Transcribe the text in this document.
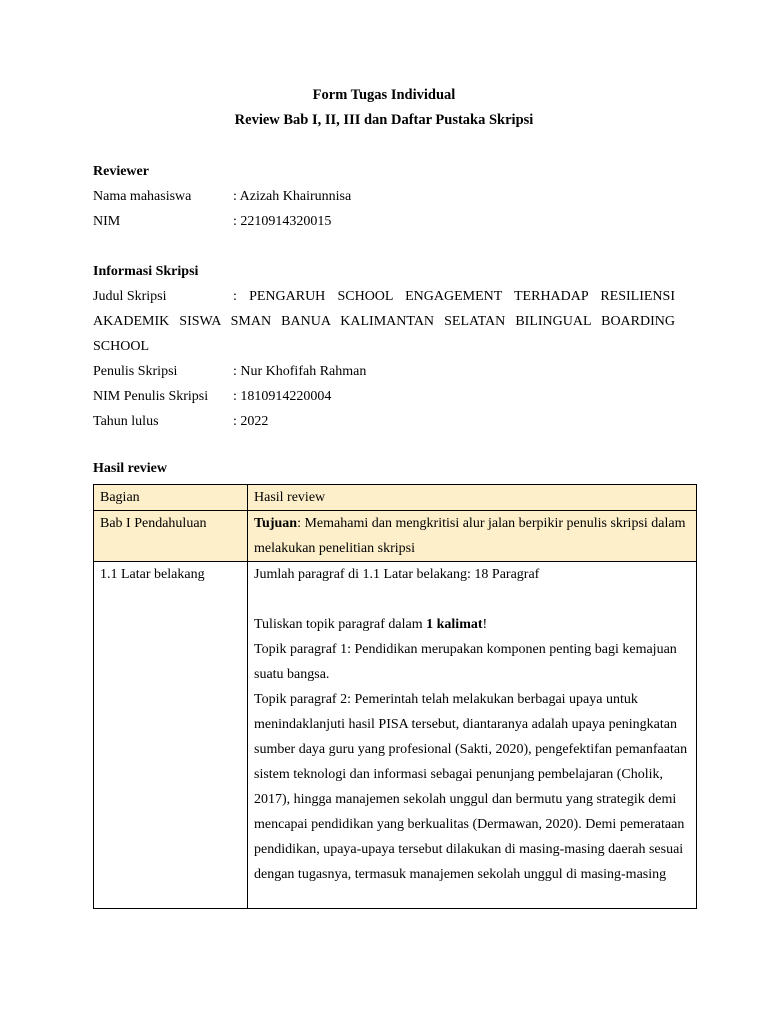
Form Tugas Individual
Review Bab I, II, III dan Daftar Pustaka Skripsi
Reviewer
Nama mahasiswa	: Azizah Khairunnisa
NIM	: 2210914320015
Informasi Skripsi
Judul Skripsi	: PENGARUH SCHOOL ENGAGEMENT TERHADAP RESILIENSI AKADEMIK SISWA SMAN BANUA KALIMANTAN SELATAN BILINGUAL BOARDING SCHOOL
Penulis Skripsi	: Nur Khofifah Rahman
NIM Penulis Skripsi	: 1810914220004
Tahun lulus	: 2022
Hasil review
Bagian	Hasil review
Bab I Pendahuluan	Tujuan: Memahami dan mengkritisi alur jalan berpikir penulis skripsi dalam melakukan penelitian skripsi
1.1 Latar belakang	Jumlah paragraf di 1.1 Latar belakang: 18 Paragraf

Tuliskan topik paragraf dalam 1 kalimat!

Topik paragraf 1: Pendidikan merupakan komponen penting bagi kemajuan suatu bangsa.

Topik paragraf 2: Pemerintah telah melakukan berbagai upaya untuk menindaklanjuti hasil PISA tersebut, diantaranya adalah upaya peningkatan sumber daya guru yang profesional (Sakti, 2020), pengefektifan pemanfaatan sistem teknologi dan informasi sebagai penunjang pembelajaran (Cholik, 2017), hingga manajemen sekolah unggul dan bermutu yang strategik demi mencapai pendidikan yang berkualitas (Dermawan, 2020). Demi pemerataan pendidikan, upaya-upaya tersebut dilakukan di masing-masing daerah sesuai dengan tugasnya, termasuk manajemen sekolah unggul di masing-masing
